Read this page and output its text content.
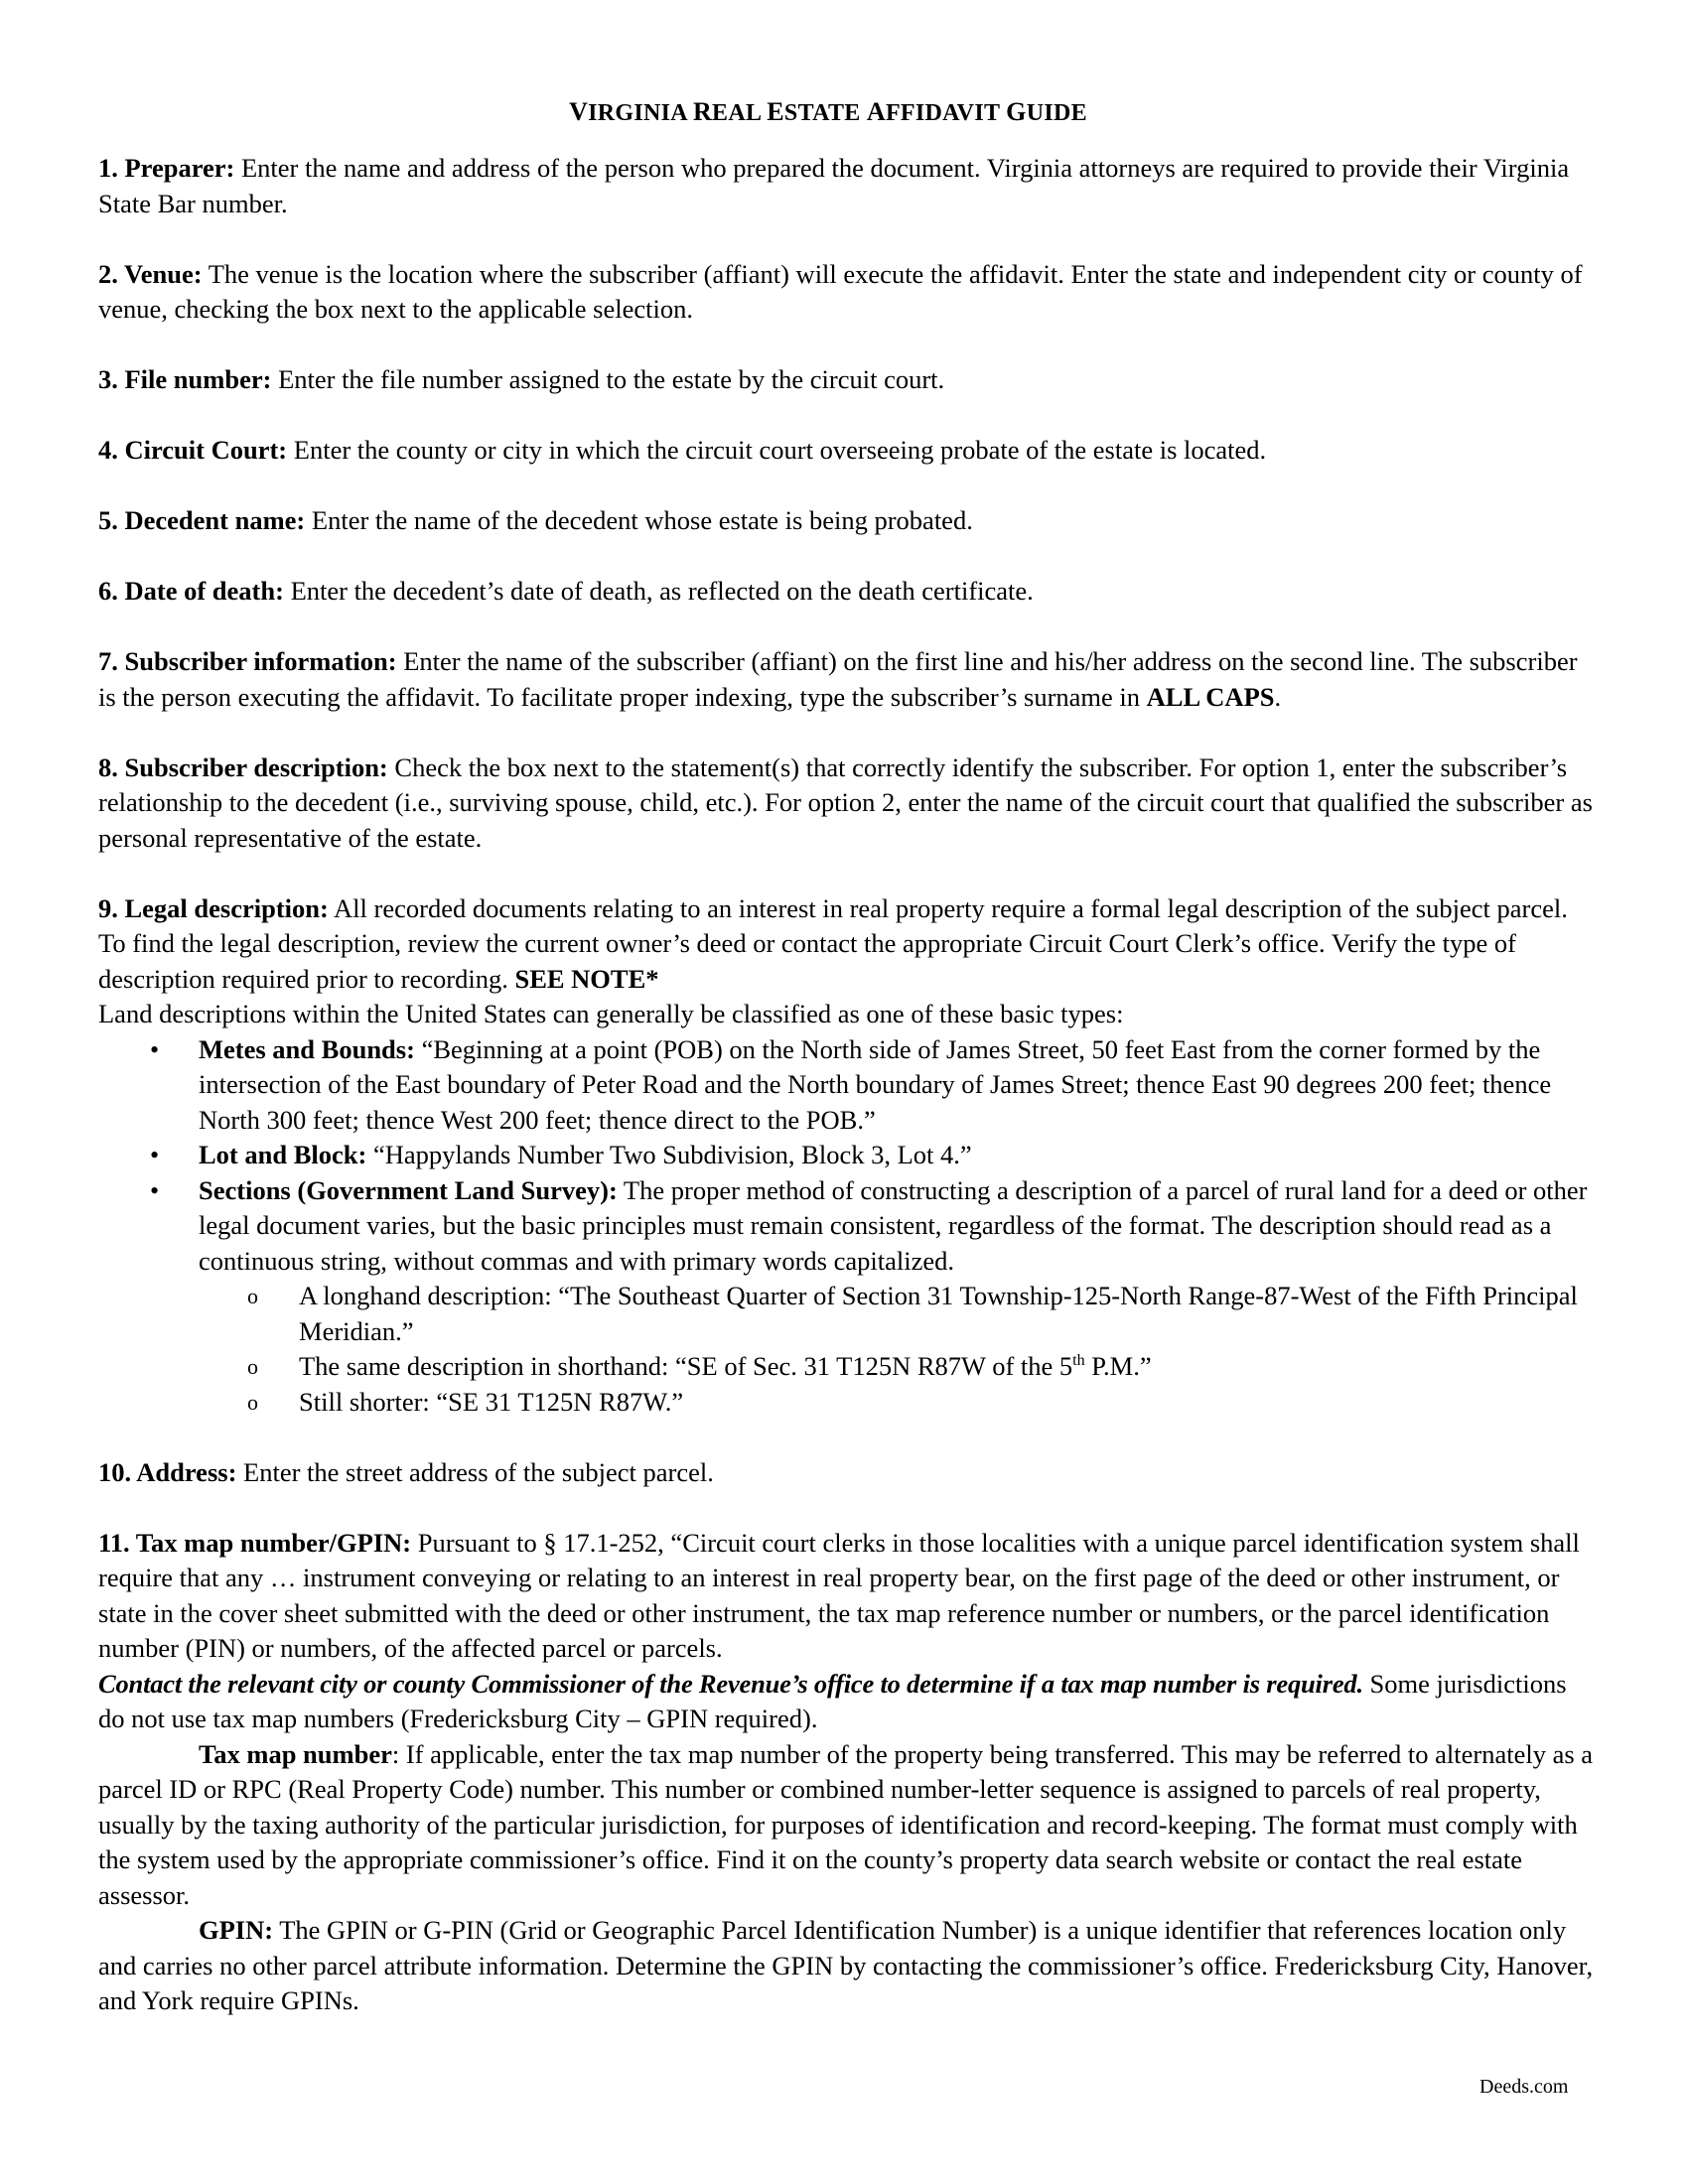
VIRGINIA REAL ESTATE AFFIDAVIT GUIDE

1. Preparer: Enter the name and address of the person who prepared the document. Virginia attorneys are required to provide their Virginia State Bar number.

2. Venue: The venue is the location where the subscriber (affiant) will execute the affidavit. Enter the state and independent city or county of venue, checking the box next to the applicable selection.

3. File number: Enter the file number assigned to the estate by the circuit court.

4. Circuit Court: Enter the county or city in which the circuit court overseeing probate of the estate is located.

5. Decedent name: Enter the name of the decedent whose estate is being probated.

6. Date of death: Enter the decedent’s date of death, as reflected on the death certificate.

7. Subscriber information: Enter the name of the subscriber (affiant) on the first line and his/her address on the second line. The subscriber is the person executing the affidavit. To facilitate proper indexing, type the subscriber’s surname in ALL CAPS.

8. Subscriber description: Check the box next to the statement(s) that correctly identify the subscriber. For option 1, enter the subscriber’s relationship to the decedent (i.e., surviving spouse, child, etc.). For option 2, enter the name of the circuit court that qualified the subscriber as personal representative of the estate.

9. Legal description: All recorded documents relating to an interest in real property require a formal legal description of the subject parcel. To find the legal description, review the current owner’s deed or contact the appropriate Circuit Court Clerk’s office. Verify the type of description required prior to recording. SEE NOTE*

Land descriptions within the United States can generally be classified as one of these basic types:

• Metes and Bounds: “Beginning at a point (POB) on the North side of James Street, 50 feet East from the corner formed by the intersection of the East boundary of Peter Road and the North boundary of James Street; thence East 90 degrees 200 feet; thence North 300 feet; thence West 200 feet; thence direct to the POB.”
• Lot and Block: “Happylands Number Two Subdivision, Block 3, Lot 4.”
• Sections (Government Land Survey): The proper method of constructing a description of a parcel of rural land for a deed or other legal document varies, but the basic principles must remain consistent, regardless of the format. The description should read as a continuous string, without commas and with primary words capitalized.
o A longhand description: “The Southeast Quarter of Section 31 Township-125-North Range-87-West of the Fifth Principal Meridian.”
o The same description in shorthand: “SE of Sec. 31 T125N R87W of the 5th P.M.”
o Still shorter: “SE 31 T125N R87W.”

10. Address: Enter the street address of the subject parcel.

11. Tax map number/GPIN: Pursuant to § 17.1-252, “Circuit court clerks in those localities with a unique parcel identification system shall require that any … instrument conveying or relating to an interest in real property bear, on the first page of the deed or other instrument, or state in the cover sheet submitted with the deed or other instrument, the tax map reference number or numbers, or the parcel identification number (PIN) or numbers, of the affected parcel or parcels.
Contact the relevant city or county Commissioner of the Revenue’s office to determine if a tax map number is required. Some jurisdictions do not use tax map numbers (Fredericksburg City – GPIN required).

Tax map number: If applicable, enter the tax map number of the property being transferred. This may be referred to alternately as a parcel ID or RPC (Real Property Code) number. This number or combined number-letter sequence is assigned to parcels of real property, usually by the taxing authority of the particular jurisdiction, for purposes of identification and record-keeping. The format must comply with the system used by the appropriate commissioner’s office. Find it on the county’s property data search website or contact the real estate assessor.

GPIN: The GPIN or G-PIN (Grid or Geographic Parcel Identification Number) is a unique identifier that references location only and carries no other parcel attribute information. Determine the GPIN by contacting the commissioner’s office. Fredericksburg City, Hanover, and York require GPINs.

Deeds.com
